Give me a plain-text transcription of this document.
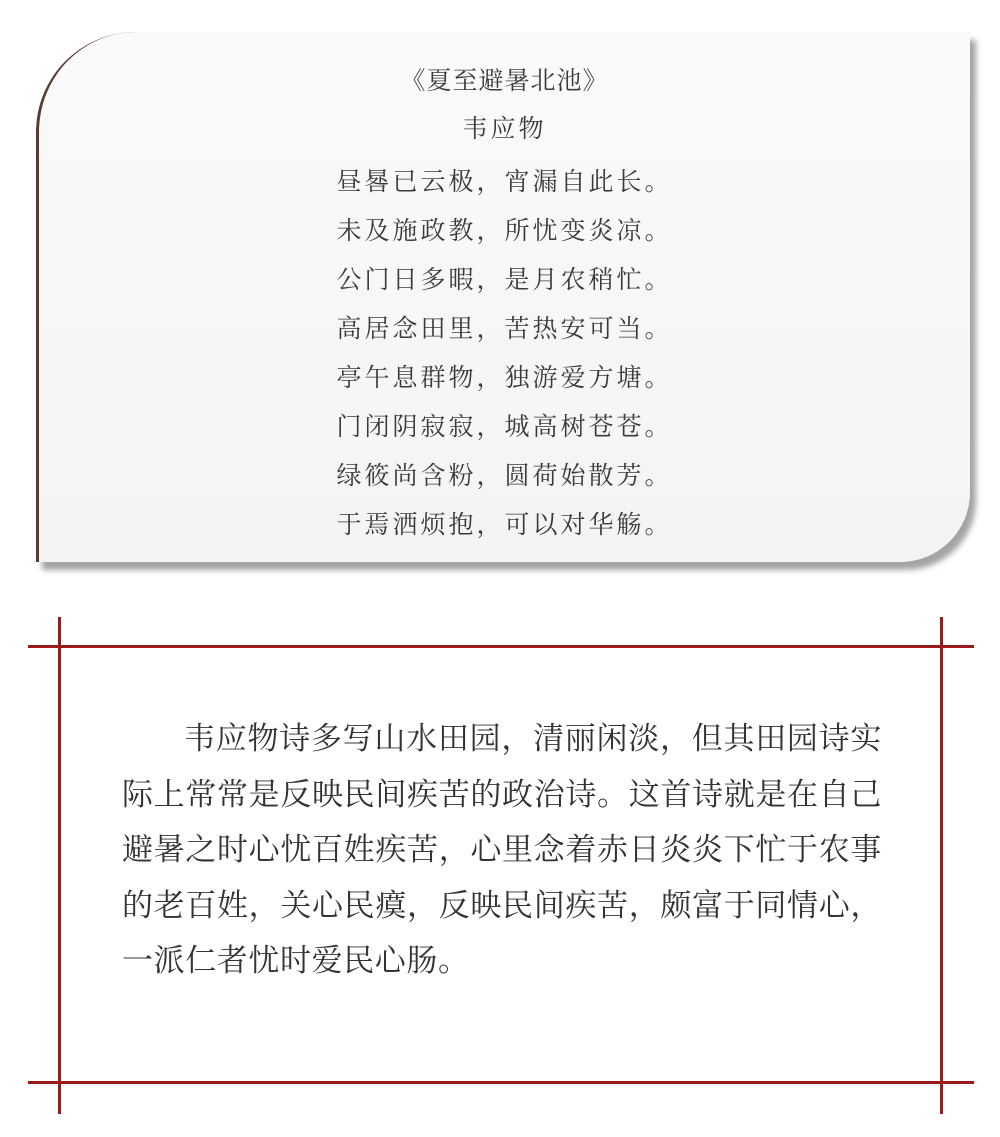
《夏至避暑北池》
韦应物
昼晷已云极，宵漏自此长。
未及施政教，所忧变炎凉。
公门日多暇，是月农稍忙。
高居念田里，苦热安可当。
亭午息群物，独游爱方塘。
门闭阴寂寂，城高树苍苍。
绿筱尚含粉，圆荷始散芳。
于焉洒烦抱，可以对华觞。

韦应物诗多写山水田园，清丽闲淡，但其田园诗实际上常常是反映民间疾苦的政治诗。这首诗就是在自己避暑之时心忧百姓疾苦，心里念着赤日炎炎下忙于农事的老百姓，关心民瘼，反映民间疾苦，颇富于同情心，一派仁者忧时爱民心肠。
